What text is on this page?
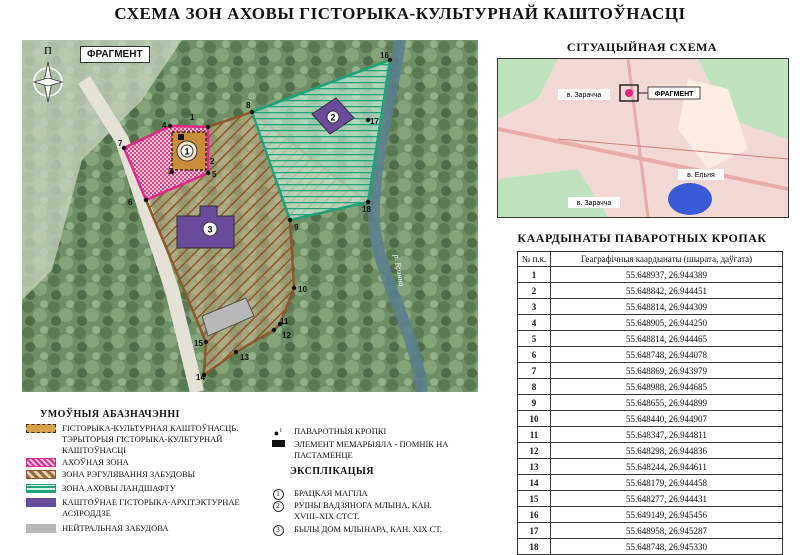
СХЕМА ЗОН АХОВЫ ГІСТОРЫКА-КУЛЬТУРНАЙ КАШТОЎНАСЦІ
1
2
3
р. Брэнна
1
2
3
4
5
6
7
8
9
10
11
12
13
14
15
16
17
18
П	ФРАГМЕНТ
СІТУАЦЫЙНАЯ СХЕМА
ФРАГМЕНТ
в. Зарачча
в. Ельня
в. Зарачча
КААРДЫНАТЫ ПАВАРОТНЫХ КРОПАК
№ п.к.	Геаграфічныя каардынаты (шырата, даўгата)
1	55.648937, 26.944389
2	55.648842, 26.944451
3	55.648814, 26.944309
4	55.648905, 26.944250
5	55.648814, 26.944465
6	55.648748, 26.944078
7	55.648869, 26.943979
8	55.648988, 26.944685
9	55.648655, 26.944899
10	55.648440, 26.944907
11	55.648347, 26.944811
12	55.648298, 26.944836
13	55.648244, 26.944611
14	55.648179, 26.944458
15	55.648277, 26.944431
16	55.649149, 26.945456
17	55.648958, 26.945287
18	55.648748, 26.945330
УМОЎНЫЯ АБАЗНАЧЭННІ
ГІСТОРЫКА-КУЛЬТУРНАЯ КАШТОЎНАСЦЬ. ТЭРЫТОРЫЯ ГІСТОРЫКА-КУЛЬТУРНАЙ КАШТОЎНАСЦІ
АХОЎНАЯ ЗОНА
ЗОНА РЭГУЛЯВАННЯ ЗАБУДОВЫ
ЗОНА АХОВЫ ЛАНДШАФТУ
КАШТОЎНАЕ ГІСТОРЫКА-АРХІТЭКТУРНАЕ АСЯРОДДЗЕ
НЕЙТРАЛЬНАЯ ЗАБУДОВА
●$^1$	ПАВАРОТНЫЯ КРОПКІ
ЭЛЕМЕНТ МЕМАРЫЯЛА - ПОМНІК НА ПАСТАМЕНЦЕ
ЭКСПЛІКАЦЫЯ
1	БРАЦКАЯ МАГІЛА
2	РУІНЫ ВАДЗЯНОГА МЛЫНА, КАН. XVIII–XIX СТСТ.
3	БЫЛЫ ДОМ МЛЫНАРА, КАН. XIX СТ.
